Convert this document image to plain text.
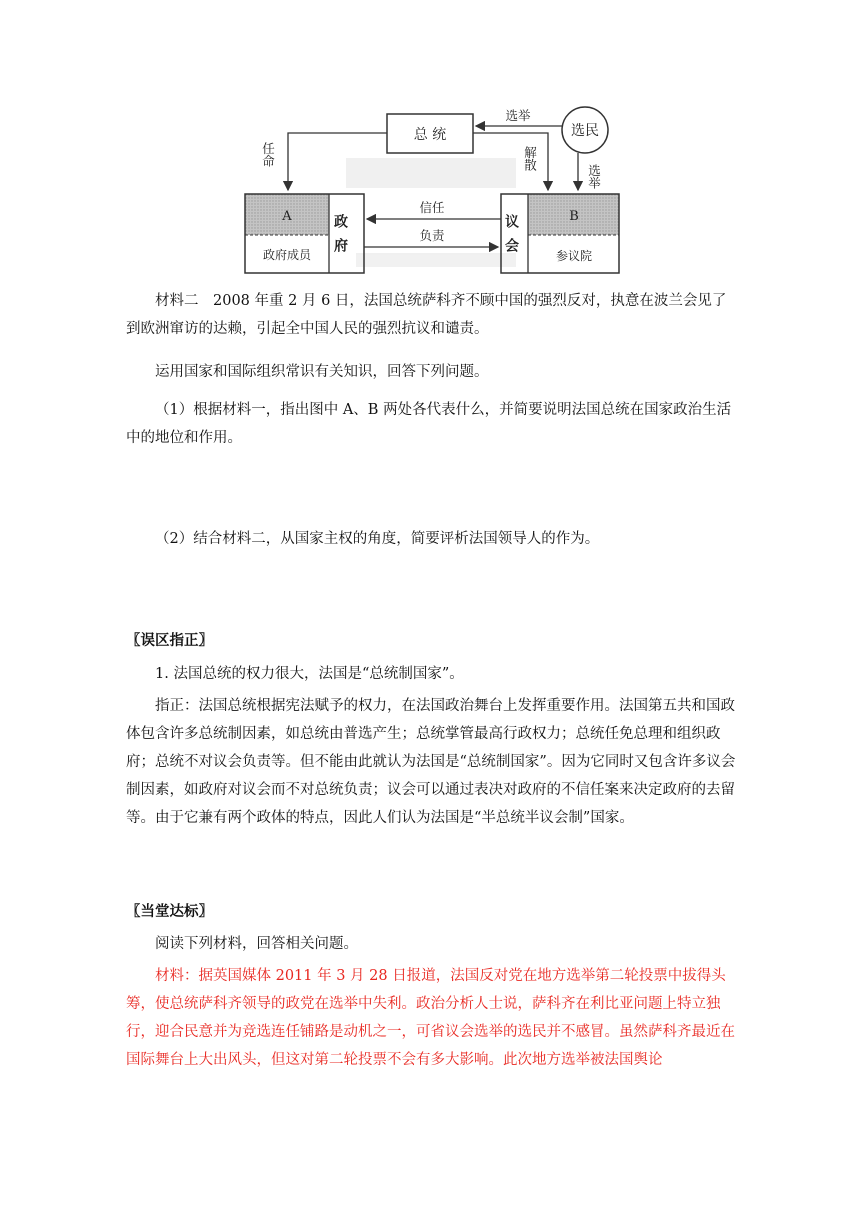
总 统	选民
选举
选举
任命	解散
A
政府成员 政府	B
参议院
议会
信任
负责

材料二　2008 年重 2 月 6 日，法国总统萨科齐不顾中国的强烈反对，执意在波兰会见了到欧洲窜访的达赖，引起全中国人民的强烈抗议和谴责。

运用国家和国际组织常识有关知识，回答下列问题。

（1）根据材料一，指出图中 A、B 两处各代表什么，并简要说明法国总统在国家政治生活中的地位和作用。

（2）结合材料二，从国家主权的角度，简要评析法国领导人的作为。

〖误区指正〗

1. 法国总统的权力很大，法国是“总统制国家”。

指正：法国总统根据宪法赋予的权力，在法国政治舞台上发挥重要作用。法国第五共和国政体包含许多总统制因素，如总统由普选产生；总统掌管最高行政权力；总统任免总理和组织政府；总统不对议会负责等。但不能由此就认为法国是“总统制国家”。因为它同时又包含许多议会制因素，如政府对议会而不对总统负责；议会可以通过表决对政府的不信任案来决定政府的去留等。由于它兼有两个政体的特点，因此人们认为法国是“半总统半议会制”国家。

〖当堂达标〗

阅读下列材料，回答相关问题。

材料：据英国媒体 2011 年 3 月 28 日报道，法国反对党在地方选举第二轮投票中拔得头筹，使总统萨科齐领导的政党在选举中失利。政治分析人士说，萨科齐在利比亚问题上特立独行，迎合民意并为竞选连任铺路是动机之一，可省议会选举的选民并不感冒。虽然萨科齐最近在国际舞台上大出风头，但这对第二轮投票不会有多大影响。此次地方选举被法国舆论
